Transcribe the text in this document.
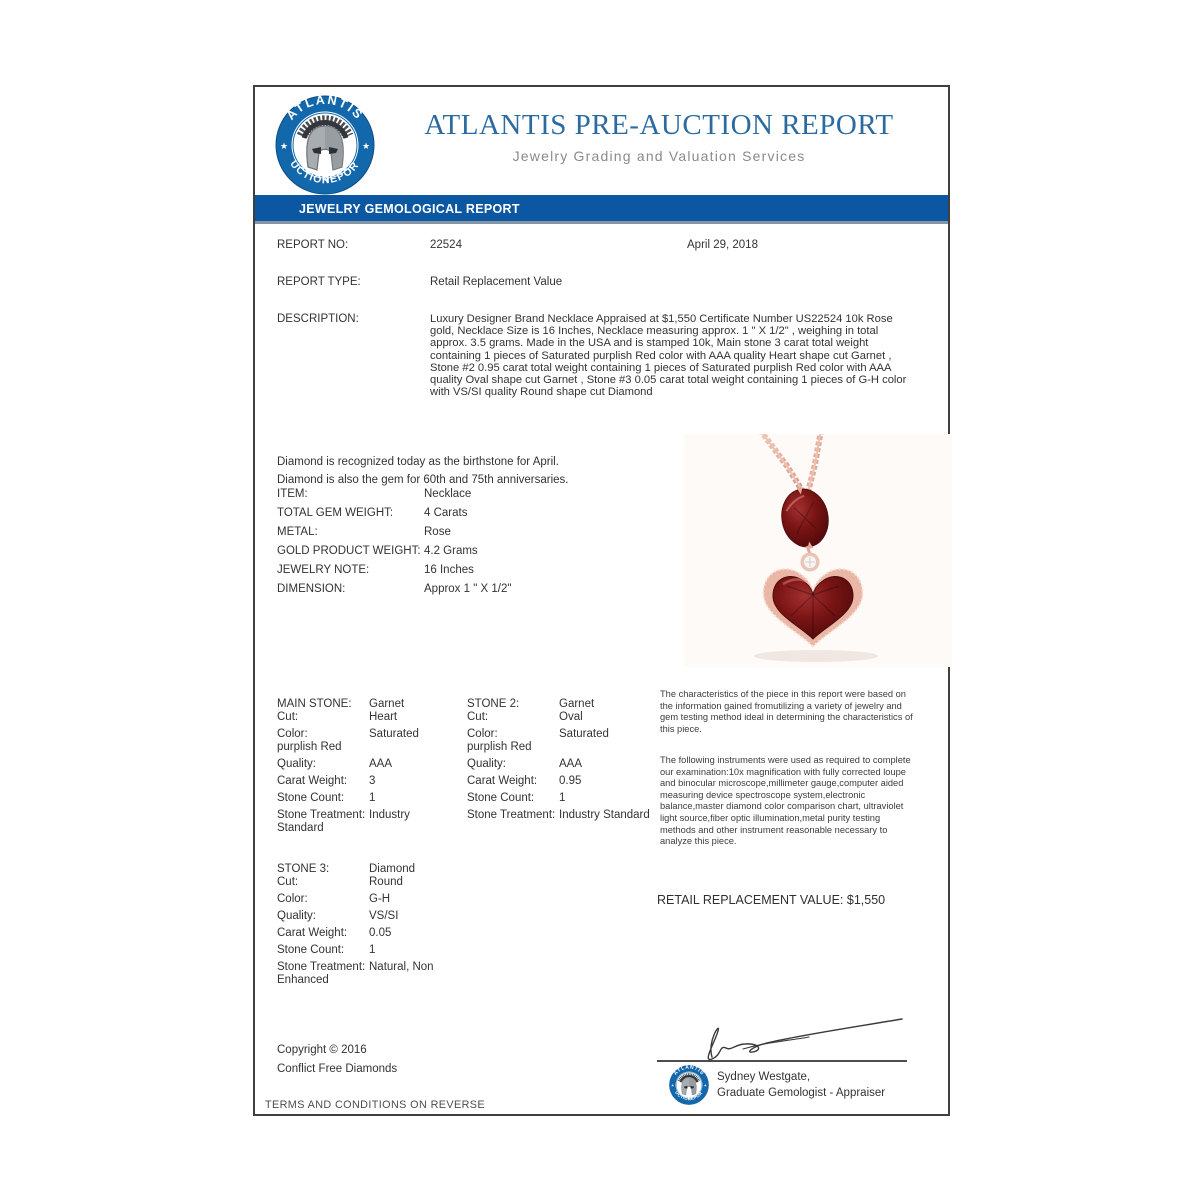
ATLANTIS PRE-AUCTION REPORT
Jewelry Grading and Valuation Services
JEWELRY GEMOLOGICAL REPORT
REPORT NO:	22524	April 29, 2018
REPORT TYPE:	Retail Replacement Value
DESCRIPTION:	Luxury Designer Brand Necklace Appraised at $1,550 Certificate Number US22524 10k Rose gold, Necklace Size is 16 Inches, Necklace measuring approx. 1 " X 1/2" , weighing in total approx. 3.5 grams. Made in the USA and is stamped 10k, Main stone 3 carat total weight containing 1 pieces of Saturated purplish Red color with AAA quality Heart shape cut Garnet , Stone #2 0.95 carat total weight containing 1 pieces of Saturated purplish Red color with AAA quality Oval shape cut Garnet , Stone #3 0.05 carat total weight containing 1 pieces of G-H color with VS/SI quality Round shape cut Diamond
Diamond is recognized today as the birthstone for April.
Diamond is also the gem for 60th and 75th anniversaries.
ITEM:	Necklace
TOTAL GEM WEIGHT:	4 Carats
METAL:	Rose
GOLD PRODUCT WEIGHT: 4.2 Grams
JEWELRY NOTE:	16 Inches
DIMENSION:	Approx 1 " X 1/2"
MAIN STONE: Garnet
Cut:	Heart
Color:	Saturated purplish Red
Quality:	AAA
Carat Weight: 3
Stone Count: 1
Stone Treatment: Industry Standard
STONE 2:	Garnet
Cut:	Oval
Color:	Saturated purplish Red
Quality:	AAA
Carat Weight: 0.95
Stone Count: 1
Stone Treatment: Industry Standard
STONE 3:	Diamond
Cut:	Round
Color:	G-H
Quality:	VS/SI
Carat Weight: 0.05
Stone Count: 1
Stone Treatment: Natural, Non Enhanced
The characteristics of the piece in this report were based on the information gained fromutilizing a variety of jewelry and gem testing method ideal in determining the characteristics of this piece.
The following instruments were used as required to complete our examination:10x magnification with fully corrected loupe and binocular microscope,millimeter gauge,computer aided measuring device spectroscope system,electronic balance,master diamond color comparison chart, ultraviolet light source,fiber optic illumination,metal purity testing methods and other instrument reasonable necessary to analyze this piece.
RETAIL REPLACEMENT VALUE: $1,550
Copyright © 2016
Conflict Free Diamonds
TERMS AND CONDITIONS ON REVERSE
Sydney Westgate,
Graduate Gemologist - Appraiser
